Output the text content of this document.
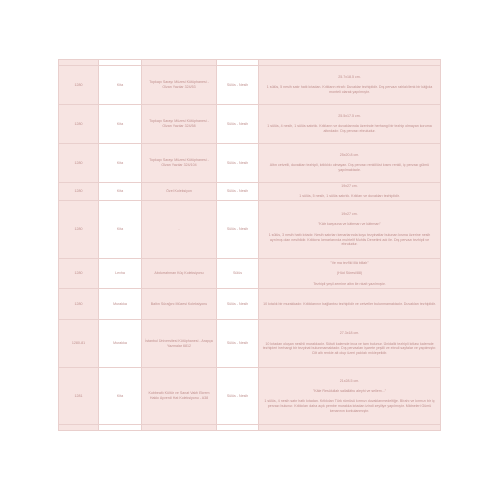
1280	Kita	Topkapı Sarayı Müzesi Kütüphanesi - Olzan Yazılar 324/53	Sülüs - Nesih	25.7x18.5 cm.
1 sülüs, 5 nesih satır hatlı kıtadan. Kıtlıların etrafı: Duvaklar tezhiplidir. Dış pervazı rahlalı/lenk bir kâğıda monteli olarak yapılmıştır.

1280	Kita	Topkapı Sarayı Müzesi Kütüphanesi - Olzan Yazılar 324/58	Sülüs - Nesih	25.5x17.5 cm.
1 sülüs, 4 nesih, 1 sülüs satırlık. Kıtlıların ve duvaklarında üzerinde herhangi bir tezhip olmayan koruma altındadır. Dış pervazı ebruludur.

1280	Kita	Topkapı Sarayı Müzesi Kütüphanesi - Olzan Yazılar 324/104	Sülüs - Nesih	25x20.8 cm.
Altın cetvelli, duvakları tezhipli, kıtlıklıkı olmayan. Dış pervazı renkli/üst kısmı renkli, iç pervazı gülmü yapılmaktadır.

1280	Kita	Özel Koleksiyon	Sülüs - Nesih	19x27 cm.
1 sülüs, 5 nesih, 1 sülüs satırlık. Kıtlıları ve duvakları tezhiplidir.

1280	Kita	-	Sülüs - Nesih	19x27 cm.
"Kâtr karşısına ve kâtrmarı ve kâtrmarı"
1 sülüs, 3 nesih hattı kıtadır. Nesih satırları kenarlarında koyu tezyinatlar bulunan kısma üzerine nesih ayrılmış olan nesihlidir. Kıtlıkırsı kenarlarında muhtelif Muhlis Denetimi adı ile. Dış pervazı tezhipli ve ebruludur.

1280	Levha	Abdurrahman Küç Koleksiyonu	Sülüs	"Ve ma tevfîkî illâ billah"
(Hûd Sûresi/88)
Tezhipli yeşil zemine altın ile rıkafı yazılmıştır.

1280	Murakka	Baltın Sûrağını Müzesi Koleksiyonu	Sülüs - Nesih	10 kıtalık bir murakkadır. Kıtlıklarının bağlantısı tezhiplidir ve cetveller bulunmamaktadır. Duvakları tezhiplidir.

1280-81	Murakka	İstanbul Üniversitesi Kütüphanesi - Arapça Yazmalar 6812	Sülüs - Nesih	27.3x18 cm.
10 kıtadan oluşan nesihli murakkadır. Sütuti kalemde inca ve tam bulunur. Ünidalilı tezhipli kıtlası kalemde tezhipleri herhangi bir tezyinat bulunmamaktadır. Dış pervazları işarete yeşilli ve ebruli sayfalar ve yapılmıştır. Cilt altı renkle alt olup üzeri yaldızlı mıklepelidir.

1281	Kita	Kubbealtı Kültür ve Sanat Vakfı Ekrem Hakkı Ayverdi Hat Koleksiyonu - A38	Sülüs - Nesih	21x28.5 cm.
"Kâle Resûlullah sallallâhu aleyhi ve sellem..."
1 sülüs, 4 nesih satır hatlı kıtadan. Kıtlıkıları Türk rûmüsü kırmızı duvaklarımedeltiğe. Bîrahı ve kırmızı bir iç pervazı bulunur. Kıtlıkıları daha açık pembe murakka kıtadan izindi zeyiliye yapılmıştır. Mâtneleri Gümü kenarının korkulanmıştır.
